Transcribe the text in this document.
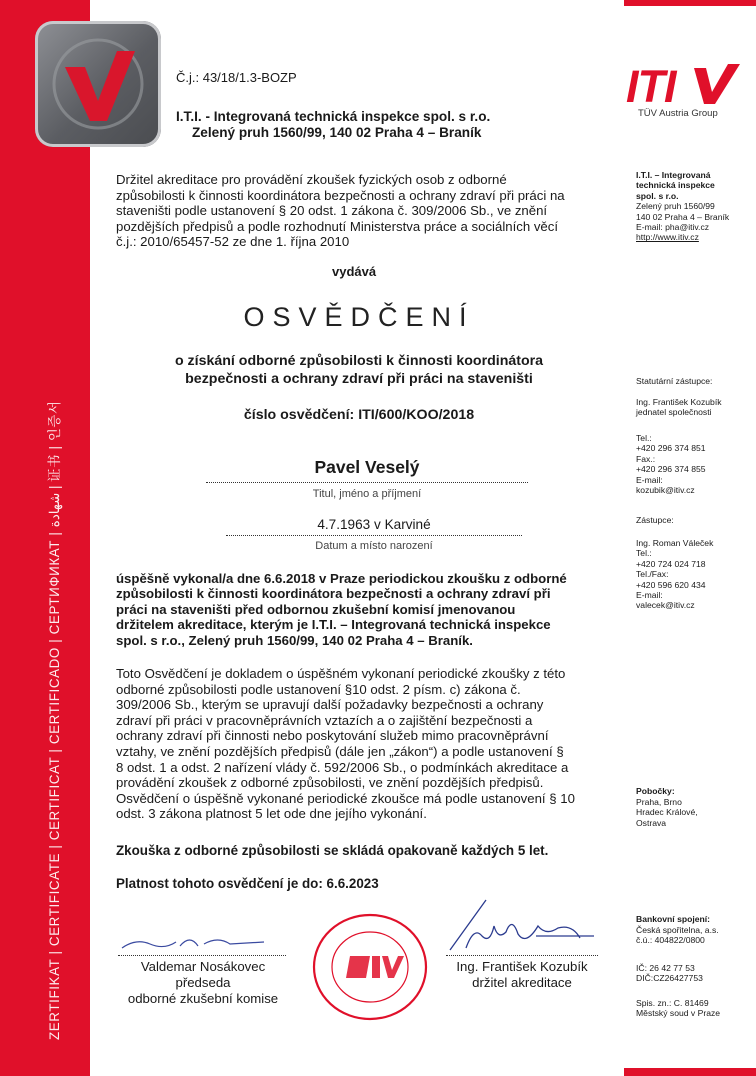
ZERTIFIKAT | CERTIFICATE | CERTIFICAT | CERTIFICADO | СЕРТИФИКАТ | شهادة | 证书 | 인증서
Č.j.: 43/18/1.3-BOZP
I.T.I. - Integrovaná technická inspekce spol. s r.o.
Zelený pruh 1560/99, 140 02 Praha 4 – Braník
ITI
TÜV Austria Group
Držitel akreditace pro provádění zkoušek fyzických osob z odborné
způsobilosti k činnosti koordinátora bezpečnosti a ochrany zdraví při práci na
staveništi podle ustanovení § 20 odst. 1 zákona č. 309/2006 Sb., ve znění
pozdějších předpisů a podle rozhodnutí Ministerstva práce a sociálních věcí
č.j.: 2010/65457-52 ze dne 1. října 2010
vydává
OSVĚDČENÍ
o získání odborné způsobilosti k činnosti koordinátora
bezpečnosti a ochrany zdraví při práci na staveništi
číslo osvědčení: ITI/600/KOO/2018
Pavel Veselý
Titul, jméno a příjmení
4.7.1963 v Karviné
Datum a místo narození
úspěšně vykonal/a dne 6.6.2018 v Praze periodickou zkoušku z odborné
způsobilosti k činnosti koordinátora bezpečnosti a ochrany zdraví při
práci na staveništi před odbornou zkušební komisí jmenovanou
držitelem akreditace, kterým je I.T.I. – Integrovaná technická inspekce
spol. s r.o., Zelený pruh 1560/99, 140 02 Praha 4 – Braník.
Toto Osvědčení je dokladem o úspěšném vykonaní periodické zkoušky z této
odborné způsobilosti podle ustanovení §10 odst. 2 písm. c) zákona č.
309/2006 Sb., kterým se upravují další požadavky bezpečnosti a ochrany
zdraví při práci v pracovněprávních vztazích a o zajištění bezpečnosti a
ochrany zdraví při činnosti nebo poskytování služeb mimo pracovněprávní
vztahy, ve znění pozdějších předpisů (dále jen „zákon“) a podle ustanovení §
8 odst. 1 a odst. 2 nařízení vlády č. 592/2006 Sb., o podmínkách akreditace a
provádění zkoušek z odborné způsobilosti, ve znění pozdějších předpisů.
Osvědčení o úspěšně vykonané periodické zkoušce má podle ustanovení § 10
odst. 3 zákona platnost 5 let ode dne jejího vykonání.
Zkouška z odborné způsobilosti se skládá opakovaně každých 5 let.
Platnost tohoto osvědčení je do: 6.6.2023
Valdemar Nosákovec
předseda
odborné zkušební komise
Ing. František Kozubík
držitel akreditace
I.T.I. – Integrovaná
technická inspekce
spol. s r.o.
Zelený pruh 1560/99
140 02 Praha 4 – Braník
E-mail: pha@itiv.cz
http://www.itiv.cz
Statutární zástupce:
Ing. František Kozubík
jednatel společnosti
Tel.:
+420 296 374 851
Fax.:
+420 296 374 855
E-mail:
kozubik@itiv.cz
Zástupce:
Ing. Roman Váleček
Tel.:
+420 724 024 718
Tel./Fax:
+420 596 620 434
E-mail:
valecek@itiv.cz
Pobočky:
Praha, Brno
Hradec Králové,
Ostrava
Bankovní spojení:
Česká spořitelna, a.s.
č.ú.: 404822/0800
IČ: 26 42 77 53
DIČ:CZ26427753
Spis. zn.: C. 81469
Městský soud v Praze
